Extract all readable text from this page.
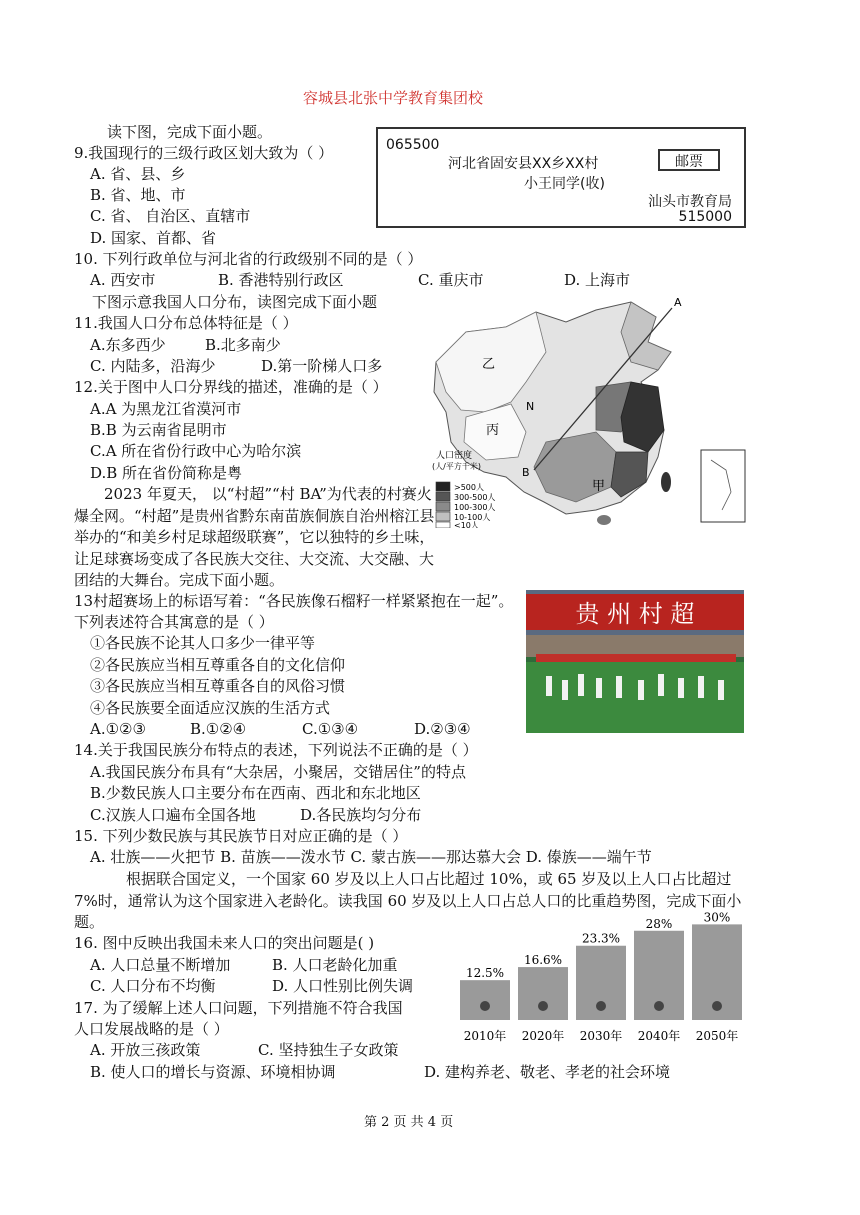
容城县北张中学教育集团校
读下图，完成下面小题。
065500
河北省固安县XX乡XX村
小王同学(收)
邮票
汕头市教育局
515000
9.我国现行的三级行政区划大致为（ ）
A. 省、县、乡
B. 省、地、市
C. 省、 自治区、直辖市
D. 国家、首都、省
10. 下列行政单位与河北省的行政级别不同的是（ ）
A. 西安市	B. 香港特别行政区	C. 重庆市	D. 上海市
下图示意我国人口分布，读图完成下面小题
11.我国人口分布总体特征是（ ）
A.东多西少	B.北多南少
C. 内陆多，沿海少	D.第一阶梯人口多
12.关于图中人口分界线的描述，准确的是（ ）
A.A 为黑龙江省漠河市
B.B 为云南省昆明市
C.A 所在省份行政中心为哈尔滨
D.B 所在省份简称是粤
A
B
N
乙
丙
甲
人口密度
(人/平方千米)
>500人
300-500人
100-300人
10-100人
<10人
2023 年夏天， 以“村超”“村 BA”为代表的村赛火爆全网。“村超”是贵州省黔东南苗族侗族自治州榕江县举办的“和美乡村足球超级联赛”，它以独特的乡土味，让足球赛场变成了各民族大交往、大交流、大交融、大团结的大舞台。完成下面小题。
贵 州 村 超
13村超赛场上的标语写着：“各民族像石榴籽一样紧紧抱在一起”。
下列表述符合其寓意的是（ ）
①各民族不论其人口多少一律平等
②各民族应当相互尊重各自的文化信仰
③各民族应当相互尊重各自的风俗习惯
④各民族要全面适应汉族的生活方式
A.①②③	B.①②④	C.①③④	D.②③④
14.关于我国民族分布特点的表述，下列说法不正确的是（ ）
A.我国民族分布具有“大杂居，小聚居，交错居住”的特点
B.少数民族人口主要分布在西南、西北和东北地区
C.汉族人口遍布全国各地	D.各民族均匀分布
15. 下列少数民族与其民族节日对应正确的是（ ）
A. 壮族——火把节 B. 苗族——泼水节 C. 蒙古族——那达慕大会 D. 傣族——端午节
根据联合国定义，一个国家 60 岁及以上人口占比超过 10%，或 65 岁及以上人口占比超过 7%时，通常认为这个国家进入老龄化。读我国 60 岁及以上人口占总人口的比重趋势图，完成下面小题。
16. 图中反映出我国未来人口的突出问题是( )
A. 人口总量不断增加	B. 人口老龄化加重
C. 人口分布不均衡	D. 人口性别比例失调
17. 为了缓解上述人口问题，下列措施不符合我国
人口发展战略的是（ ）
A. 开放三孩政策	C. 坚持独生子女政策
B. 使人口的增长与资源、环境相协调	D. 建构养老、敬老、孝老的社会环境
12.5%
2010年
16.6%
2020年
23.3%
2030年
28%
2040年
30%
2050年
第 2 页 共 4 页
